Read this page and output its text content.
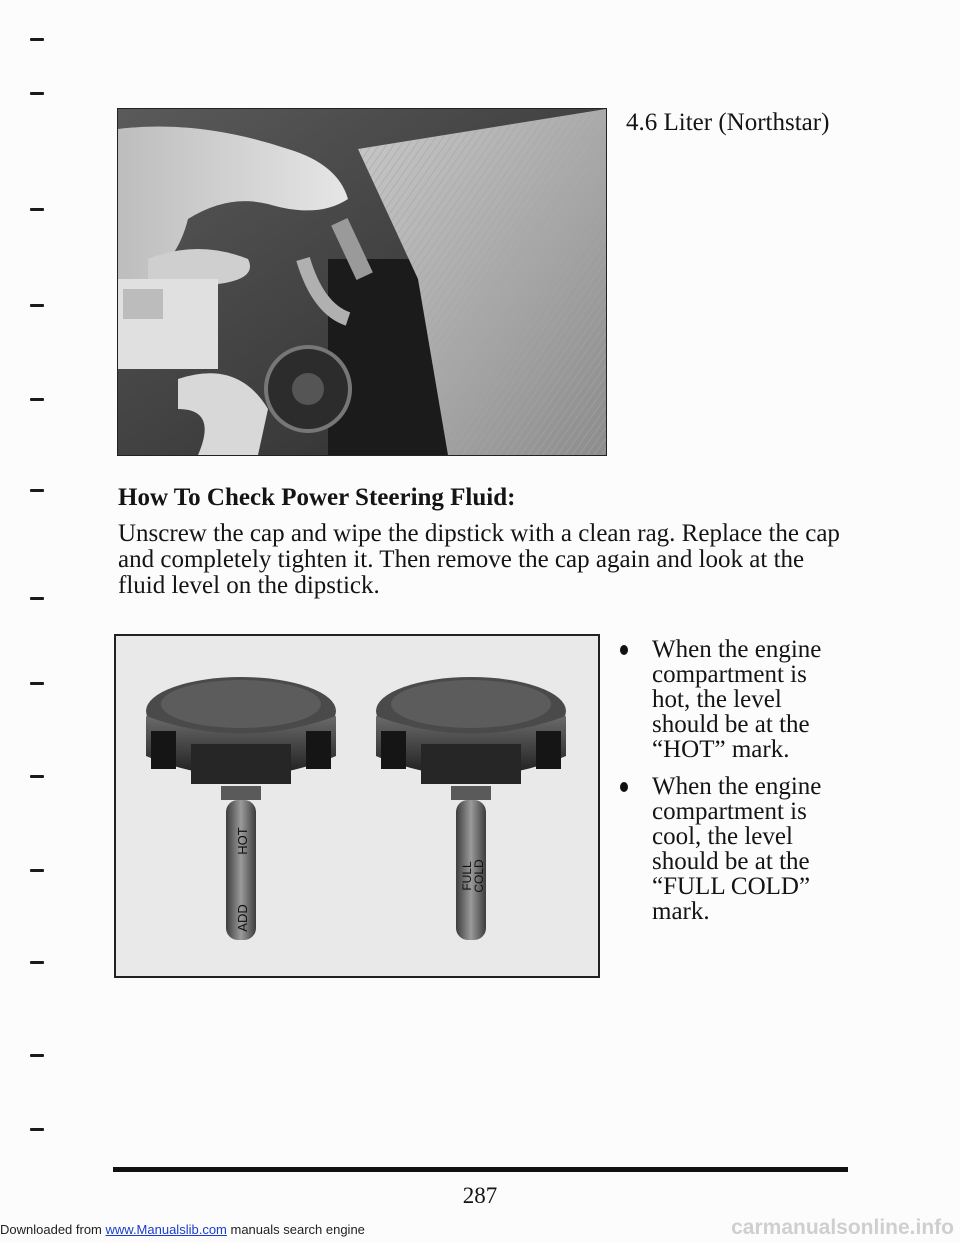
4.6 Liter (Northstar)
How To Check Power Steering Fluid:
Unscrew the cap and wipe the dipstick with a clean rag. Replace the cap and completely tighten it. Then remove the cap again and look at the fluid level on the dipstick.
HOT
ADD
FULL
COLD
When the engine compartment is hot, the level should be at the “HOT” mark.
When the engine compartment is cool, the level should be at the “FULL COLD” mark.
287
Downloaded from www.Manualslib.com manuals search engine	carmanualsonline.info
